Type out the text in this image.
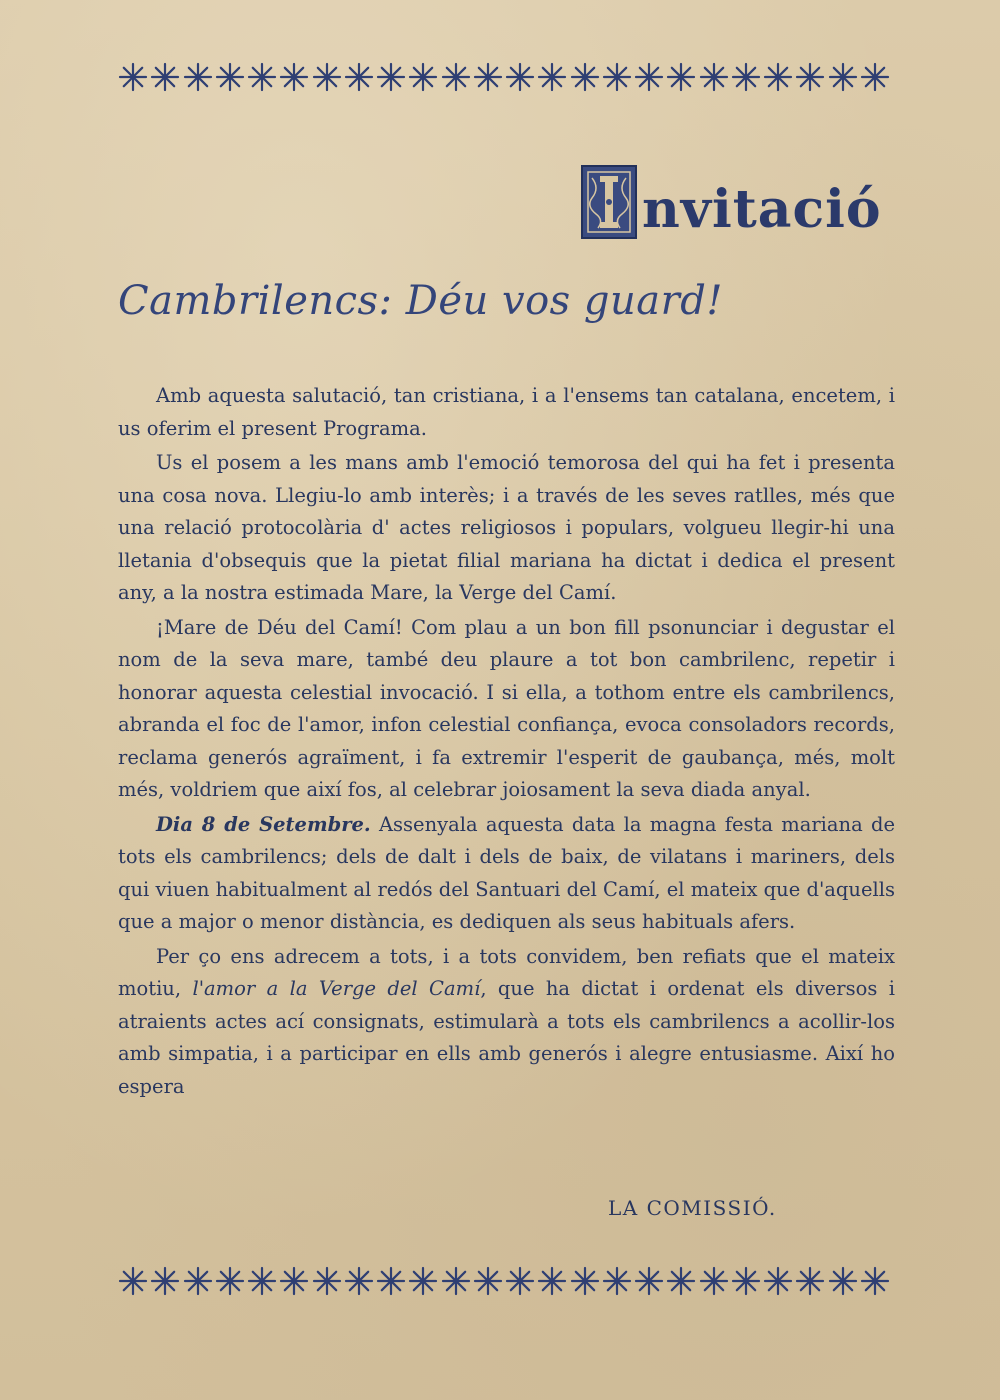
nvitació
Cambrilencs: Déu vos guard!

Amb aquesta salutació, tan cristiana, i a l'ensems tan catalana, encetem, i us oferim el present Programa.

Us el posem a les mans amb l'emoció temorosa del qui ha fet i presenta una cosa nova. Llegiu-lo amb interès; i a través de les seves ratlles, més que una relació protocolària d' actes religiosos i populars, volgueu llegir-hi una lletania d'obsequis que la pietat filial mariana ha dictat i dedica el present any, a la nostra estimada Mare, la Verge del Camí.

¡Mare de Déu del Camí! Com plau a un bon fill psonunciar i degustar el nom de la seva mare, també deu plaure a tot bon cambrilenc, repetir i honorar aquesta celestial invocació. I si ella, a tothom entre els cambrilencs, abranda el foc de l'amor, infon celestial confiança, evoca consoladors records, reclama generós agraïment, i fa extremir l'esperit de gaubança, més, molt més, voldriem que així fos, al celebrar joiosament la seva diada anyal.

Dia 8 de Setembre. Assenyala aquesta data la magna festa mariana de tots els cambrilencs; dels de dalt i dels de baix, de vilatans i mariners, dels qui viuen habitualment al redós del Santuari del Camí, el mateix que d'aquells que a major o menor distància, es dediquen als seus habituals afers.

Per ço ens adrecem a tots, i a tots convidem, ben refiats que el mateix motiu, l'amor a la Verge del Camí, que ha dictat i ordenat els diversos i atraients actes ací consignats, estimularà a tots els cambrilencs a acollir-los amb simpatia, i a participar en ells amb generós i alegre entusiasme. Així ho espera

LA COMISSIÓ.
